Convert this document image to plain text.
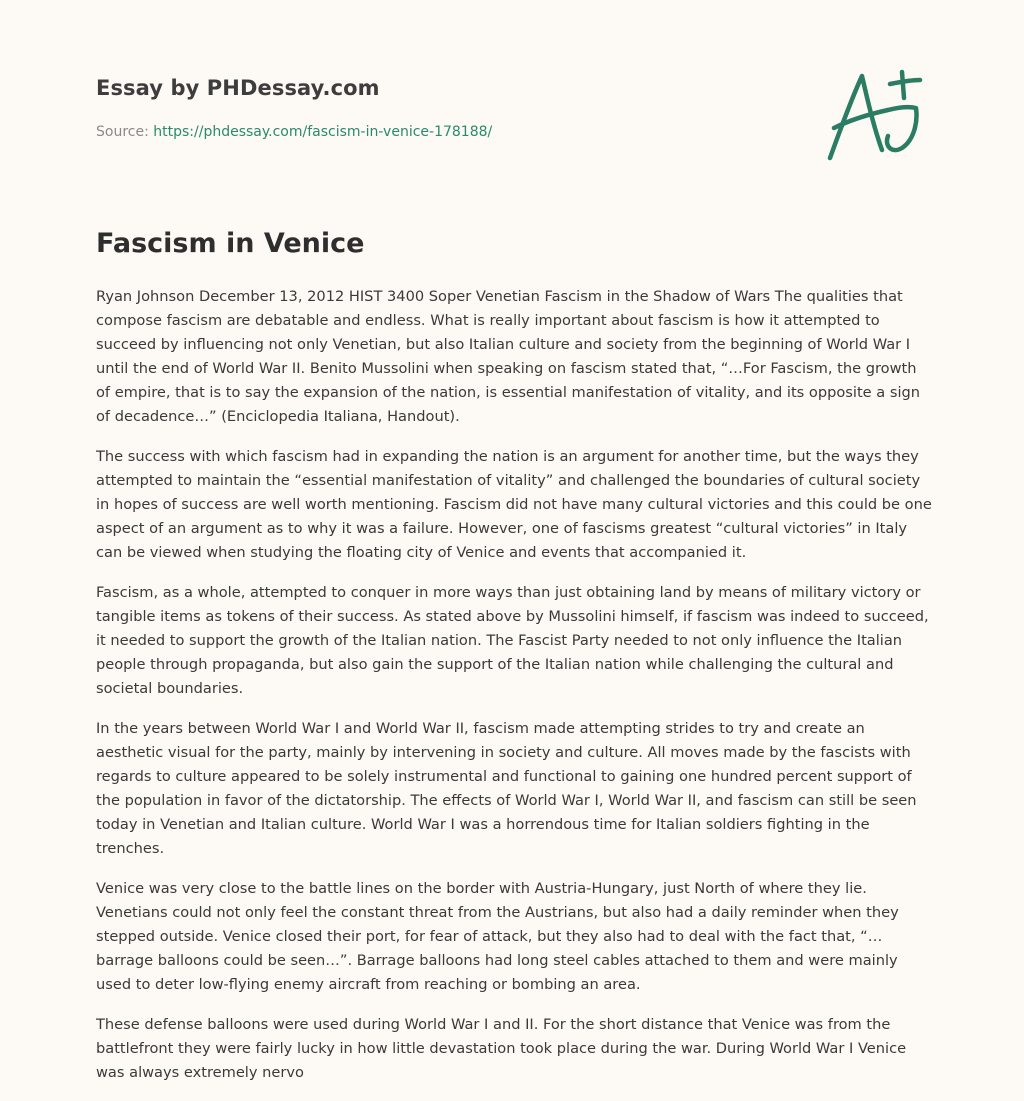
Essay by PHDessay.com
Source: https://phdessay.com/fascism-in-venice-178188/
Fascism in Venice

Ryan Johnson December 13, 2012 HIST 3400 Soper Venetian Fascism in the Shadow of Wars The qualities that compose fascism are debatable and endless. What is really important about fascism is how it attempted to succeed by influencing not only Venetian, but also Italian culture and society from the beginning of World War I until the end of World War II. Benito Mussolini when speaking on fascism stated that, “…For Fascism, the growth of empire, that is to say the expansion of the nation, is essential manifestation of vitality, and its opposite a sign of decadence…” (Enciclopedia Italiana, Handout).

The success with which fascism had in expanding the nation is an argument for another time, but the ways they attempted to maintain the “essential manifestation of vitality” and challenged the boundaries of cultural society in hopes of success are well worth mentioning. Fascism did not have many cultural victories and this could be one aspect of an argument as to why it was a failure. However, one of fascisms greatest “cultural victories” in Italy can be viewed when studying the floating city of Venice and events that accompanied it.

Fascism, as a whole, attempted to conquer in more ways than just obtaining land by means of military victory or tangible items as tokens of their success. As stated above by Mussolini himself, if fascism was indeed to succeed, it needed to support the growth of the Italian nation. The Fascist Party needed to not only influence the Italian people through propaganda, but also gain the support of the Italian nation while challenging the cultural and societal boundaries.

In the years between World War I and World War II, fascism made attempting strides to try and create an aesthetic visual for the party, mainly by intervening in society and culture. All moves made by the fascists with regards to culture appeared to be solely instrumental and functional to gaining one hundred percent support of the population in favor of the dictatorship. The effects of World War I, World War II, and fascism can still be seen today in Venetian and Italian culture. World War I was a horrendous time for Italian soldiers fighting in the trenches.

Venice was very close to the battle lines on the border with Austria-Hungary, just North of where they lie. Venetians could not only feel the constant threat from the Austrians, but also had a daily reminder when they stepped outside. Venice closed their port, for fear of attack, but they also had to deal with the fact that, “…barrage balloons could be seen…”. Barrage balloons had long steel cables attached to them and were mainly used to deter low-flying enemy aircraft from reaching or bombing an area.

These defense balloons were used during World War I and II. For the short distance that Venice was from the battlefront they were fairly lucky in how little devastation took place during the war. During World War I Venice was always extremely nervo
